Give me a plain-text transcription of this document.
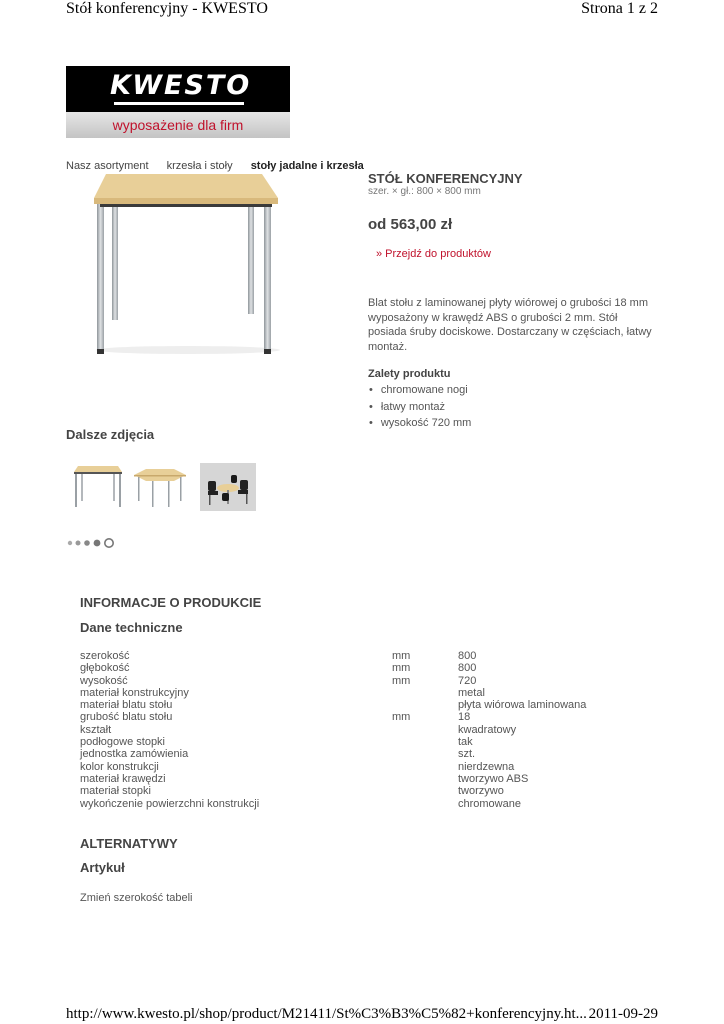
Stół konferencyjny - KWESTO	Strona 1 z 2
KWESTO
wyposażenie dla firm
Nasz asortyment krzesła i stoły stoły jadalne i krzesła
STÓŁ KONFERENCYJNY
szer. × gł.: 800 × 800 mm
od 563,00 zł
» Przejdź do produktów

Blat stołu z laminowanej płyty wiórowej o grubości 18 mm wyposażony w krawędź ABS o grubości 2 mm. Stół posiada śruby dociskowe. Dostarczany w częściach, łatwy montaż.

Zalety produktu
• chromowane nogi
• łatwy montaż
• wysokość 720 mm
Dalsze zdjęcia
INFORMACJE O PRODUKCIE
Dane techniczne
szerokość	mm	800
głębokość	mm	800
wysokość	mm	720
materiał konstrukcyjny		metal
materiał blatu stołu		płyta wiórowa laminowana
grubość blatu stołu	mm	18
kształt		kwadratowy
podłogowe stopki		tak
jednostka zamówienia		szt.
kolor konstrukcji		nierdzewna
materiał krawędzi		tworzywo ABS
materiał stopki		tworzywo
wykończenie powierzchni konstrukcji		chromowane
ALTERNATYWY
Artykuł
Zmień szerokość tabeli
http://www.kwesto.pl/shop/product/M21411/St%C3%B3%C5%82+konferencyjny.ht... 2011-09-29
